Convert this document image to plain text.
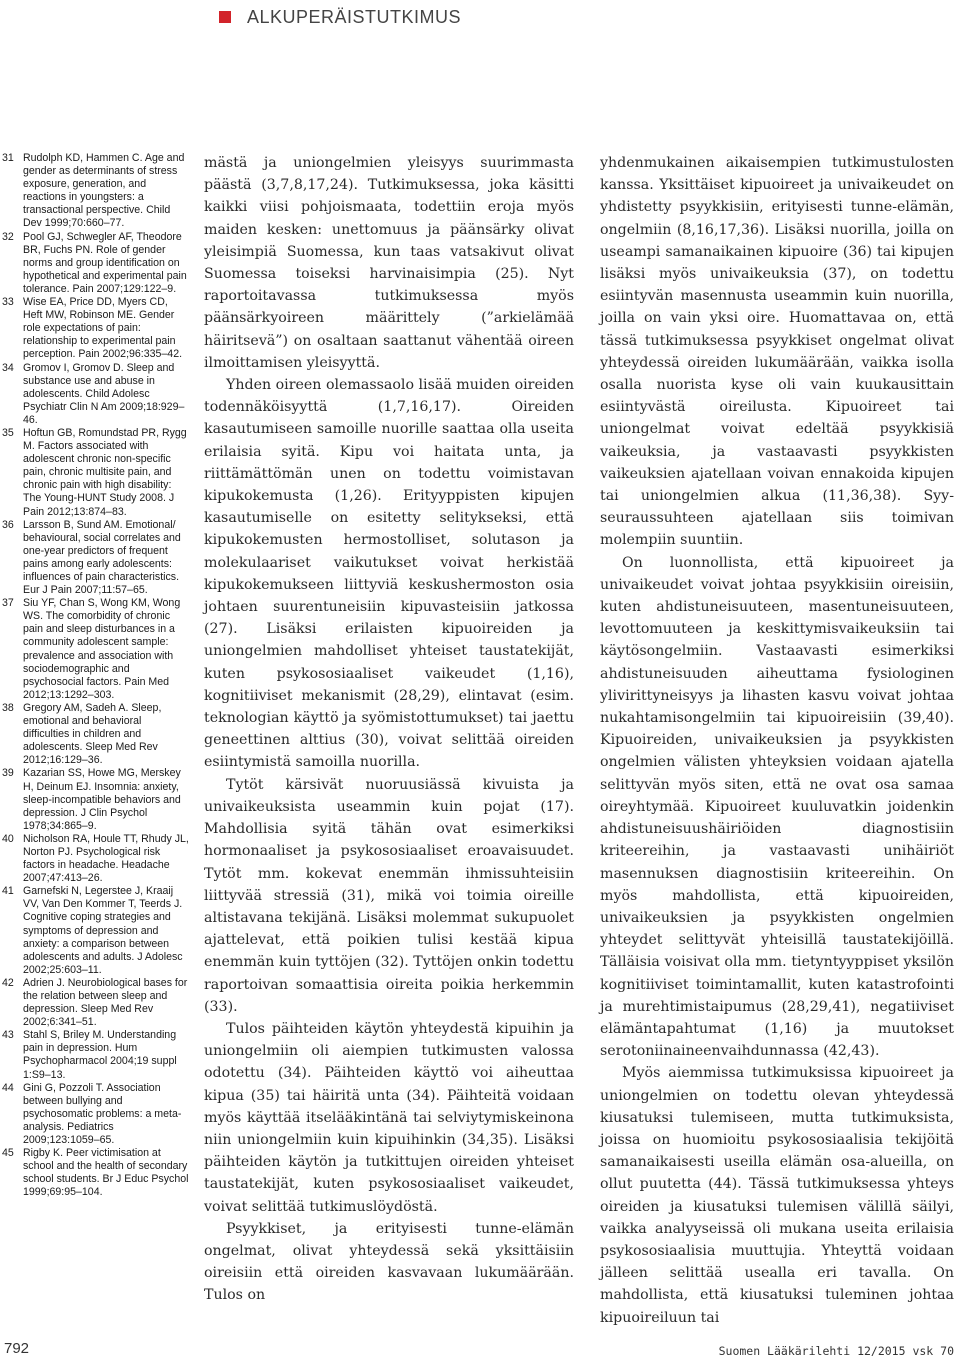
ALKUPERÄISTUTKIMUS
31 Rudolph KD, Hammen C. Age and gender as determinants of stress exposure, generation, and reactions in youngsters: a transactional perspective. Child Dev 1999;70:660–77.
32 Pool GJ, Schwegler AF, Theodore BR, Fuchs PN. Role of gender norms and group identification on hypothetical and experimental pain tolerance. Pain 2007;129:122–9.
33 Wise EA, Price DD, Myers CD, Heft MW, Robinson ME. Gender role expectations of pain: relationship to experimental pain perception. Pain 2002;96:335–42.
34 Gromov I, Gromov D. Sleep and substance use and abuse in adolescents. Child Adolesc Psychiatr Clin N Am 2009;18:929–46.
35 Hoftun GB, Romundstad PR, Rygg M. Factors associated with adolescent chronic non-specific pain, chronic multisite pain, and chronic pain with high disability: The Young-HUNT Study 2008. J Pain 2012;13:874–83.
36 Larsson B, Sund AM. Emotional/ behavioural, social correlates and one-year predictors of frequent pains among early adolescents: influences of pain characteristics. Eur J Pain 2007;11:57–65.
37 Siu YF, Chan S, Wong KM, Wong WS. The comorbidity of chronic pain and sleep disturbances in a community adolescent sample: prevalence and association with sociodemographic and psychosocial factors. Pain Med 2012;13:1292–303.
38 Gregory AM, Sadeh A. Sleep, emotional and behavioral difficulties in children and adolescents. Sleep Med Rev 2012;16:129–36.
39 Kazarian SS, Howe MG, Merskey H, Deinum EJ. Insomnia: anxiety, sleep-incompatible behaviors and depression. J Clin Psychol 1978;34:865–9.
40 Nicholson RA, Houle TT, Rhudy JL, Norton PJ. Psychological risk factors in headache. Headache 2007;47:413–26.
41 Garnefski N, Legerstee J, Kraaij VV, Van Den Kommer T, Teerds J. Cognitive coping strategies and symptoms of depression and anxiety: a comparison between adolescents and adults. J Adolesc 2002;25:603–11.
42 Adrien J. Neurobiological bases for the relation between sleep and depression. Sleep Med Rev 2002;6:341–51.
43 Stahl S, Briley M. Understanding pain in depression. Hum Psychopharmacol 2004;19 suppl 1:S9–13.
44 Gini G, Pozzoli T. Association between bullying and psychosomatic problems: a meta-analysis. Pediatrics 2009;123:1059–65.
45 Rigby K. Peer victimisation at school and the health of secondary school students. Br J Educ Psychol 1999;69:95–104.

mästä ja uniongelmien yleisyys suurimmasta päästä (3,7,8,17,24). Tutkimuksessa, joka käsitti kaikki viisi pohjoismaata, todettiin eroja myös maiden kesken: unettomuus ja päänsärky olivat yleisimpiä Suomessa, kun taas vatsakivut olivat Suomessa toiseksi harvinaisimpia (25). Nyt raportoitavassa tutkimuksessa myös päänsärkyoireen määrittely (”arkielämää häiritsevä”) on osaltaan saattanut vähentää oireen ilmoittamisen yleisyyttä.

Yhden oireen olemassaolo lisää muiden oireiden todennäköisyyttä (1,7,16,17). Oireiden kasautumiseen samoille nuorille saattaa olla useita erilaisia syitä. Kipu voi haitata unta, ja riittämättömän unen on todettu voimistavan kipukokemusta (1,26). Erityyppisten kipujen kasautumiselle on esitetty selitykseksi, että kipukokemusten hermostolliset, solutason ja molekulaariset vaikutukset voivat herkistää kipukokemukseen liittyviä keskushermoston osia johtaen suurentuneisiin kipuvasteisiin jatkossa (27). Lisäksi erilaisten kipuoireiden ja uniongelmien mahdolliset yhteiset taustatekijät, kuten psykososiaaliset vaikeudet (1,16), kognitiiviset mekanismit (28,29), elintavat (esim. teknologian käyttö ja syömistottumukset) tai jaettu geneettinen alttius (30), voivat selittää oireiden esiintymistä samoilla nuorilla.

Tytöt kärsivät nuoruusiässä kivuista ja univaikeuksista useammin kuin pojat (17). Mahdollisia syitä tähän ovat esimerkiksi hormonaaliset ja psykososiaaliset eroavaisuudet. Tytöt mm. kokevat enemmän ihmissuhteisiin liittyvää stressiä (31), mikä voi toimia oireille altistavana tekijänä. Lisäksi molemmat sukupuolet ajattelevat, että poikien tulisi kestää kipua enemmän kuin tyttöjen (32). Tyttöjen onkin todettu raportoivan somaattisia oireita poikia herkemmin (33).

Tulos päihteiden käytön yhteydestä kipuihin ja uniongelmiin oli aiempien tutkimusten valossa odotettu (34). Päihteiden käyttö voi aiheuttaa kipua (35) tai häiritä unta (34). Päihteitä voidaan myös käyttää itselääkintänä tai selviytymiskeinona niin uniongelmiin kuin kipuihinkin (34,35). Lisäksi päihteiden käytön ja tutkittujen oireiden yhteiset taustatekijät, kuten psykososiaaliset vaikeudet, voivat selittää tutkimuslöydöstä.

Psyykkiset, ja erityisesti tunne-elämän ongelmat, olivat yhteydessä sekä yksittäisiin oireisiin että oireiden kasvavaan lukumäärään. Tulos on

yhdenmukainen aikaisempien tutkimustulosten kanssa. Yksittäiset kipuoireet ja univaikeudet on yhdistetty psyykkisiin, erityisesti tunne-elämän, ongelmiin (8,16,17,36). Lisäksi nuorilla, joilla on useampi samanaikainen kipuoire (36) tai kipujen lisäksi myös univaikeuksia (37), on todettu esiintyvän masennusta useammin kuin nuorilla, joilla on vain yksi oire. Huomattavaa on, että tässä tutkimuksessa psyykkiset ongelmat olivat yhteydessä oireiden lukumäärään, vaikka isolla osalla nuorista kyse oli vain kuukausittain esiintyvästä oireilusta. Kipuoireet tai uniongelmat voivat edeltää psyykkisiä vaikeuksia, ja vastaavasti psyykkisten vaikeuksien ajatellaan voivan ennakoida kipujen tai uniongelmien alkua (11,36,38). Syy-seuraussuhteen ajatellaan siis toimivan molempiin suuntiin.

On luonnollista, että kipuoireet ja univaikeudet voivat johtaa psyykkisiin oireisiin, kuten ahdistuneisuuteen, masentuneisuuteen, levottomuuteen ja keskittymisvaikeuksiin tai käytösongelmiin. Vastaavasti esimerkiksi ahdistuneisuuden aiheuttama fysiologinen ylivirittyneisyys ja lihasten kasvu voivat johtaa nukahtamisongelmiin tai kipuoireisiin (39,40). Kipuoireiden, univaikeuksien ja psyykkisten ongelmien välisten yhteyksien voidaan ajatella selittyvän myös siten, että ne ovat osa samaa oireyhtymää. Kipuoireet kuuluvatkin joidenkin ahdistuneisuushäiriöiden diagnostisiin kriteereihin, ja vastaavasti unihäiriöt masennuksen diagnostisiin kriteereihin. On myös mahdollista, että kipuoireiden, univaikeuksien ja psyykkisten ongelmien yhteydet selittyvät yhteisillä taustatekijöillä. Tälläisia voisivat olla mm. tietyntyyppiset yksilön kognitiiviset toimintamallit, kuten katastrofointi ja murehtimistaipumus (28,29,41), negatiiviset elämäntapahtumat (1,16) ja muutokset serotoniinaineenvaihdunnassa (42,43).

Myös aiemmissa tutkimuksissa kipuoireet ja uniongelmien on todettu olevan yhteydessä kiusatuksi tulemiseen, mutta tutkimuksista, joissa on huomioitu psykososiaalisia tekijöitä samanaikaisesti useilla elämän osa-alueilla, on ollut puutetta (44). Tässä tutkimuksessa yhteys oireiden ja kiusatuksi tulemisen välillä säilyi, vaikka analyyseissä oli mukana useita erilaisia psykososiaalisia muuttujia. Yhteyttä voidaan jälleen selittää usealla eri tavalla. On mahdollista, että kiusatuksi tuleminen johtaa kipuoireiluun tai

792	Suomen Lääkärilehti 12/2015 vsk 70
